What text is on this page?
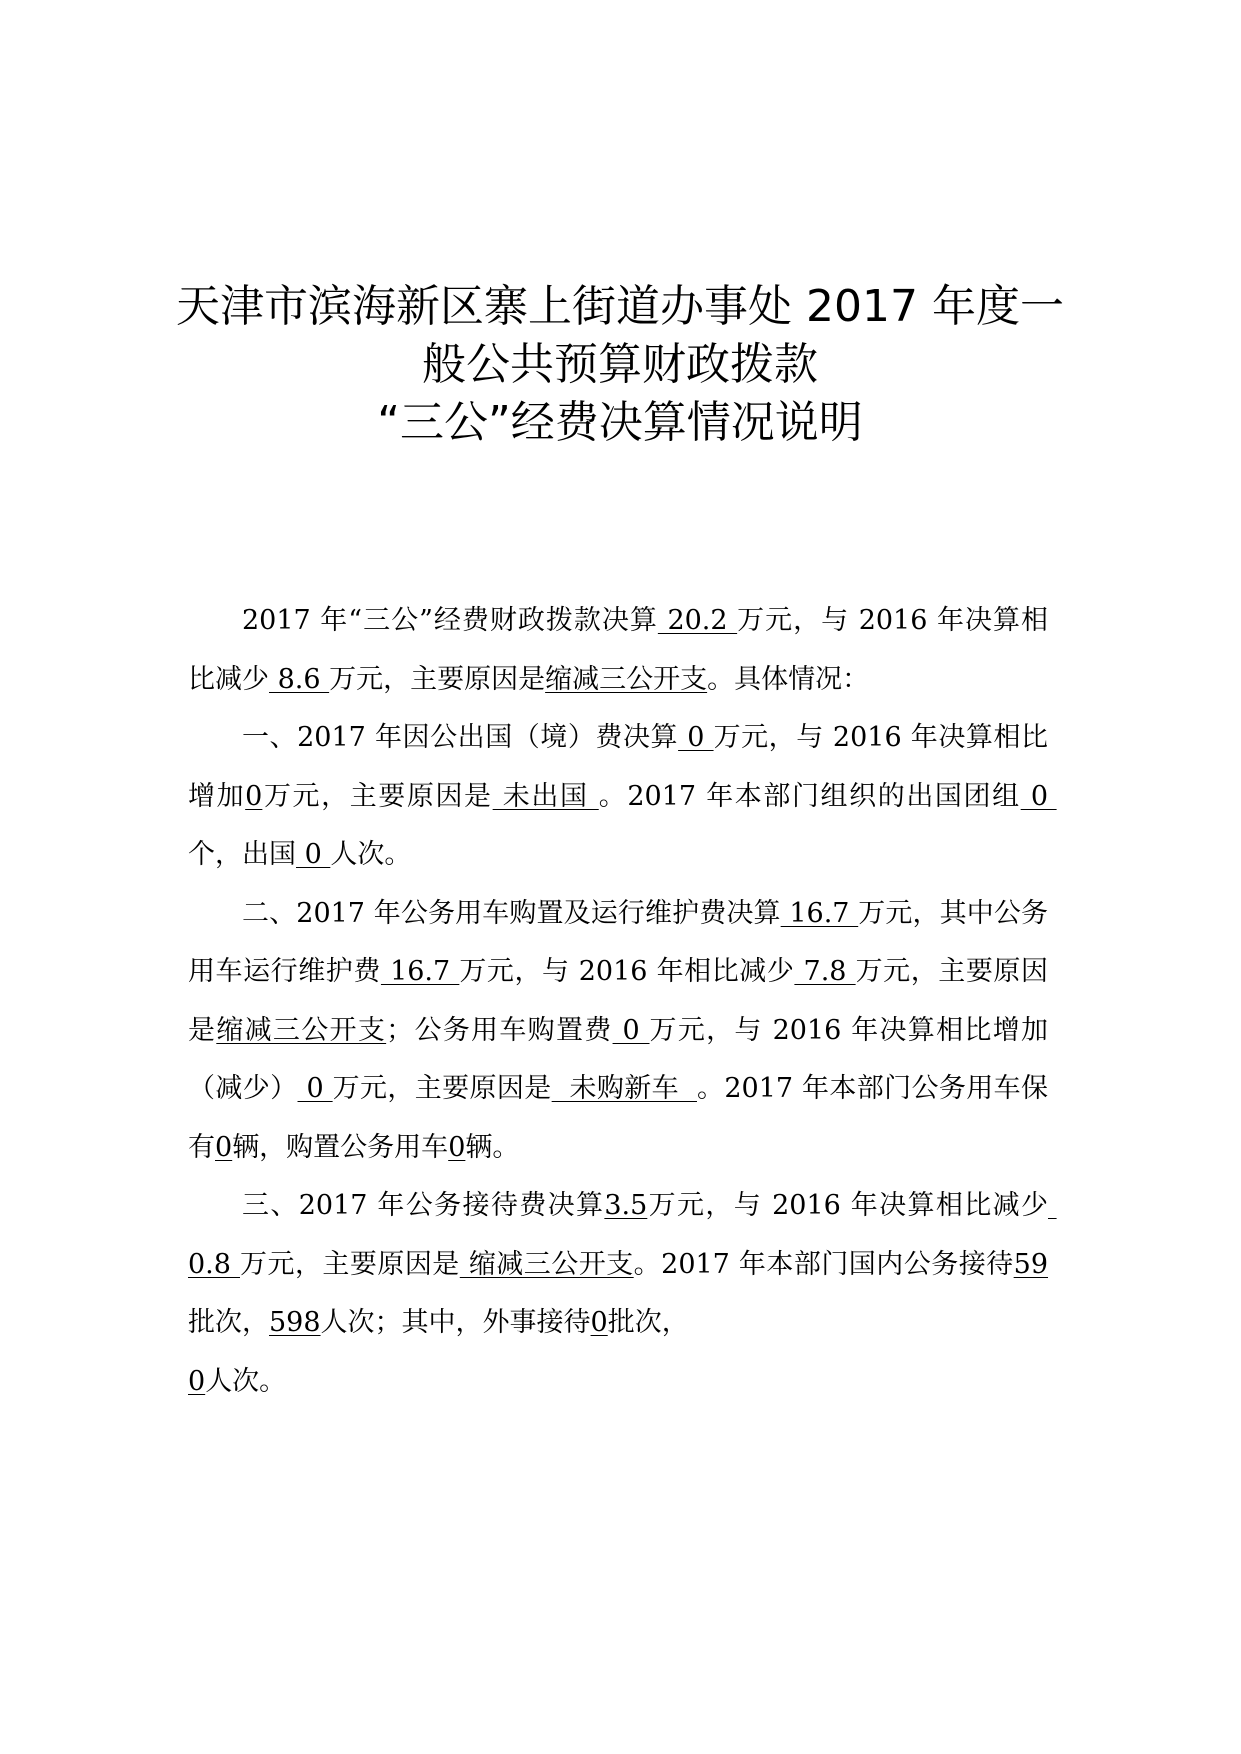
天津市滨海新区寨上街道办事处 2017 年度一
般公共预算财政拨款
“三公”经费决算情况说明

2017 年“三公”经费财政拨款决算 20.2 万元，与 2016 年决算相比减少 8.6 万元，主要原因是缩减三公开支。具体情况：

一、2017 年因公出国（境）费决算 0 万元，与 2016 年决算相比增加0万元，主要原因是 未出国 。2017 年本部门组织的出国团组 0 个，出国 0 人次。

二、2017 年公务用车购置及运行维护费决算 16.7 万元，其中公务用车运行维护费 16.7 万元，与 2016 年相比减少 7.8 万元，主要原因是缩减三公开支；公务用车购置费 0 万元，与 2016 年决算相比增加（减少） 0 万元，主要原因是  未购新车  。2017 年本部门公务用车保有0辆，购置公务用车0辆。

三、2017 年公务接待费决算3.5万元，与 2016 年决算相比减少 0.8 万元，主要原因是 缩减三公开支。2017 年本部门国内公务接待59批次，598人次；其中，外事接待0批次，

0人次。
